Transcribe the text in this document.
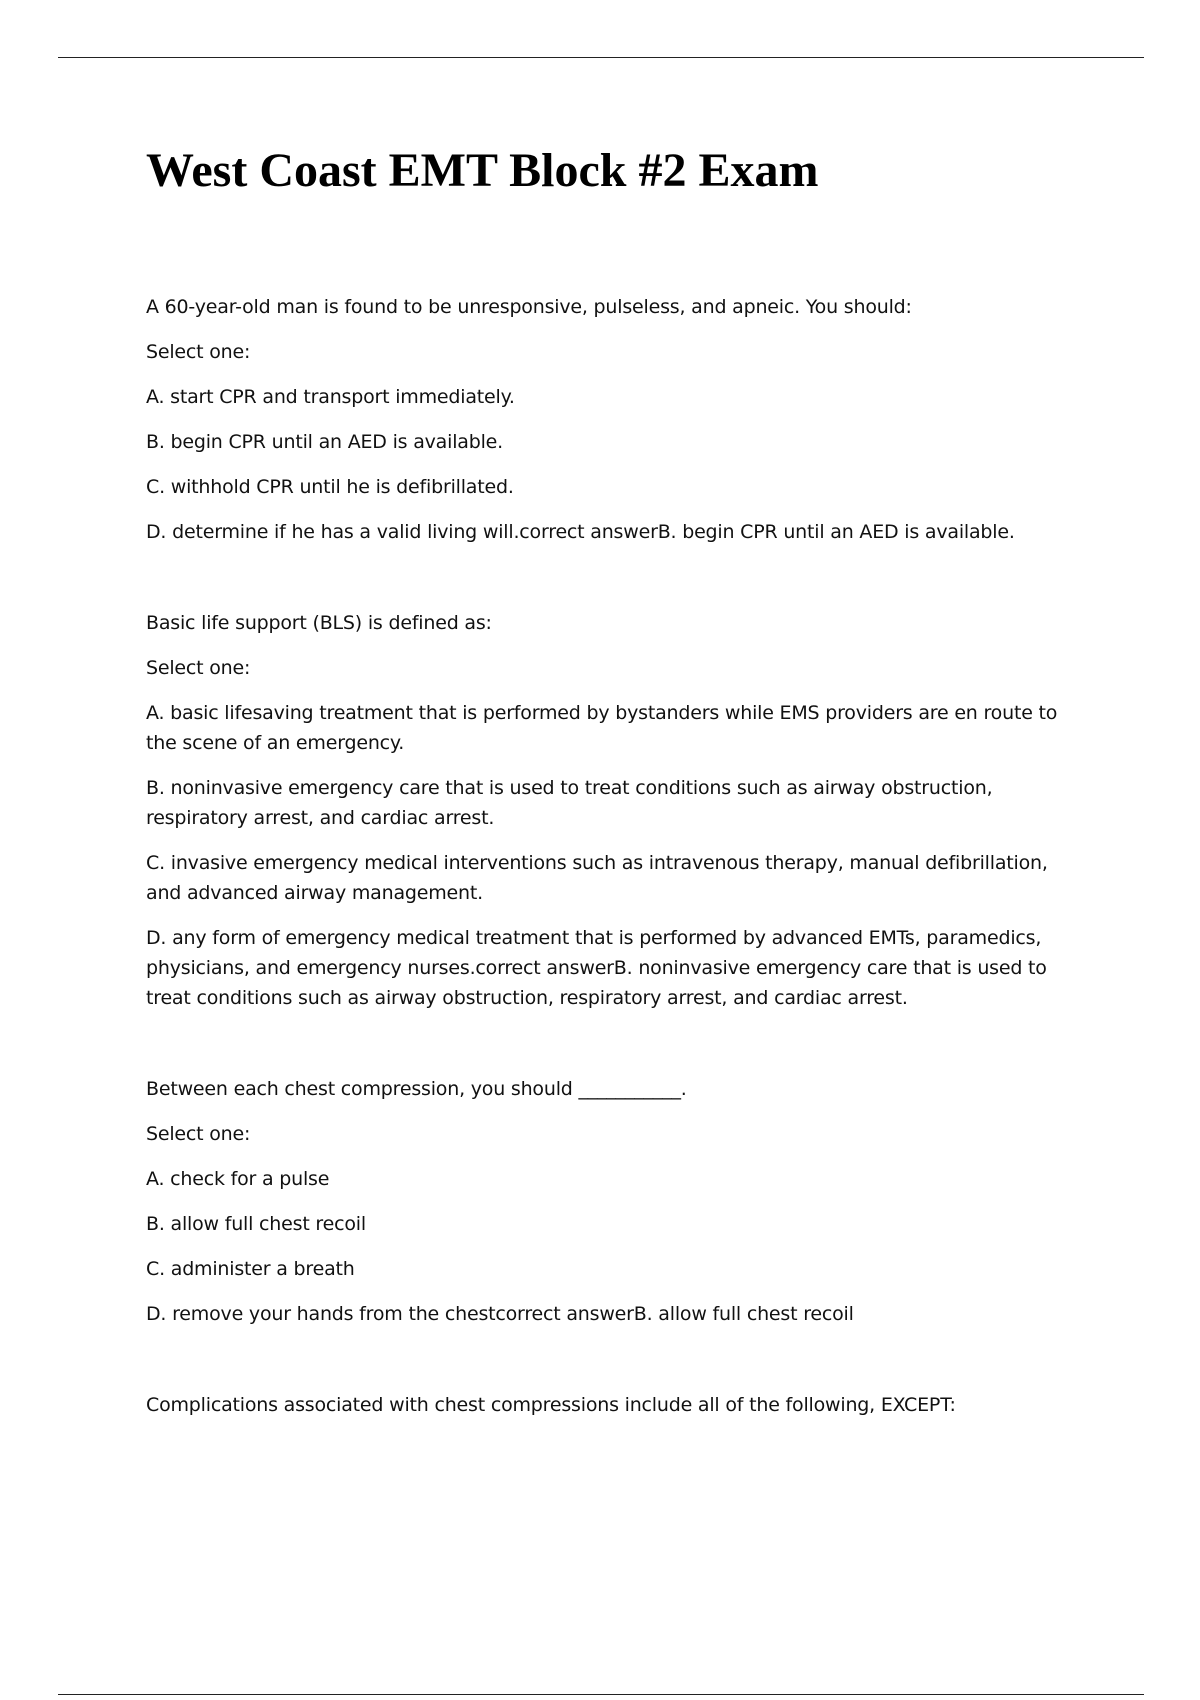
West Coast EMT Block #2 Exam

A 60-year-old man is found to be unresponsive, pulseless, and apneic. You should:

Select one:

A. start CPR and transport immediately.

B. begin CPR until an AED is available.

C. withhold CPR until he is defibrillated.

D. determine if he has a valid living will.correct answerB. begin CPR until an AED is available.

Basic life support (BLS) is defined as:

Select one:

A. basic lifesaving treatment that is performed by bystanders while EMS providers are en route to the scene of an emergency.

B. noninvasive emergency care that is used to treat conditions such as airway obstruction, respiratory arrest, and cardiac arrest.

C. invasive emergency medical interventions such as intravenous therapy, manual defibrillation, and advanced airway management.

D. any form of emergency medical treatment that is performed by advanced EMTs, paramedics, physicians, and emergency nurses.correct answerB. noninvasive emergency care that is used to treat conditions such as airway obstruction, respiratory arrest, and cardiac arrest.

Between each chest compression, you should ___________.

Select one:

A. check for a pulse

B. allow full chest recoil

C. administer a breath

D. remove your hands from the chestcorrect answerB. allow full chest recoil

Complications associated with chest compressions include all of the following, EXCEPT:
